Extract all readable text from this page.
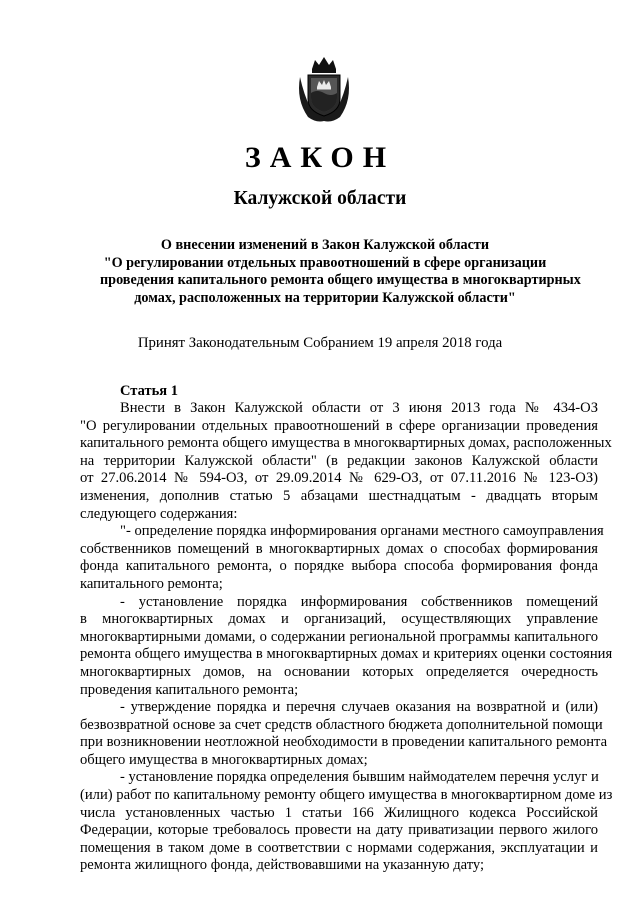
ЗАКОН
Калужской области
О внесении изменений в Закон Калужской области
"О регулировании отдельных правоотношений в сфере организации
проведения капитального ремонта общего имущества в многоквартирных
домах, расположенных на территории Калужской области"
Принят Законодательным Собранием 19 апреля 2018 года
Статья 1
Внести в Закон Калужской области от 3 июня 2013 года № 434-ОЗ
"О регулировании отдельных правоотношений в сфере организации проведения
капитального ремонта общего имущества в многоквартирных домах, расположенных
на территории Калужской области" (в редакции законов Калужской области
от 27.06.2014 № 594-ОЗ, от 29.09.2014 № 629-ОЗ, от 07.11.2016 № 123-ОЗ)
изменения, дополнив статью 5 абзацами шестнадцатым - двадцать вторым
следующего содержания:
"- определение порядка информирования органами местного самоуправления
собственников помещений в многоквартирных домах о способах формирования
фонда капитального ремонта, о порядке выбора способа формирования фонда
капитального ремонта;
- установление порядка информирования собственников помещений
в многоквартирных домах и организаций, осуществляющих управление
многоквартирными домами, о содержании региональной программы капитального
ремонта общего имущества в многоквартирных домах и критериях оценки состояния
многоквартирных домов, на основании которых определяется очередность
проведения капитального ремонта;
- утверждение порядка и перечня случаев оказания на возвратной и (или)
безвозвратной основе за счет средств областного бюджета дополнительной помощи
при возникновении неотложной необходимости в проведении капитального ремонта
общего имущества в многоквартирных домах;
- установление порядка определения бывшим наймодателем перечня услуг и
(или) работ по капитальному ремонту общего имущества в многоквартирном доме из
числа установленных частью 1 статьи 166 Жилищного кодекса Российской
Федерации, которые требовалось провести на дату приватизации первого жилого
помещения в таком доме в соответствии с нормами содержания, эксплуатации и
ремонта жилищного фонда, действовавшими на указанную дату;
